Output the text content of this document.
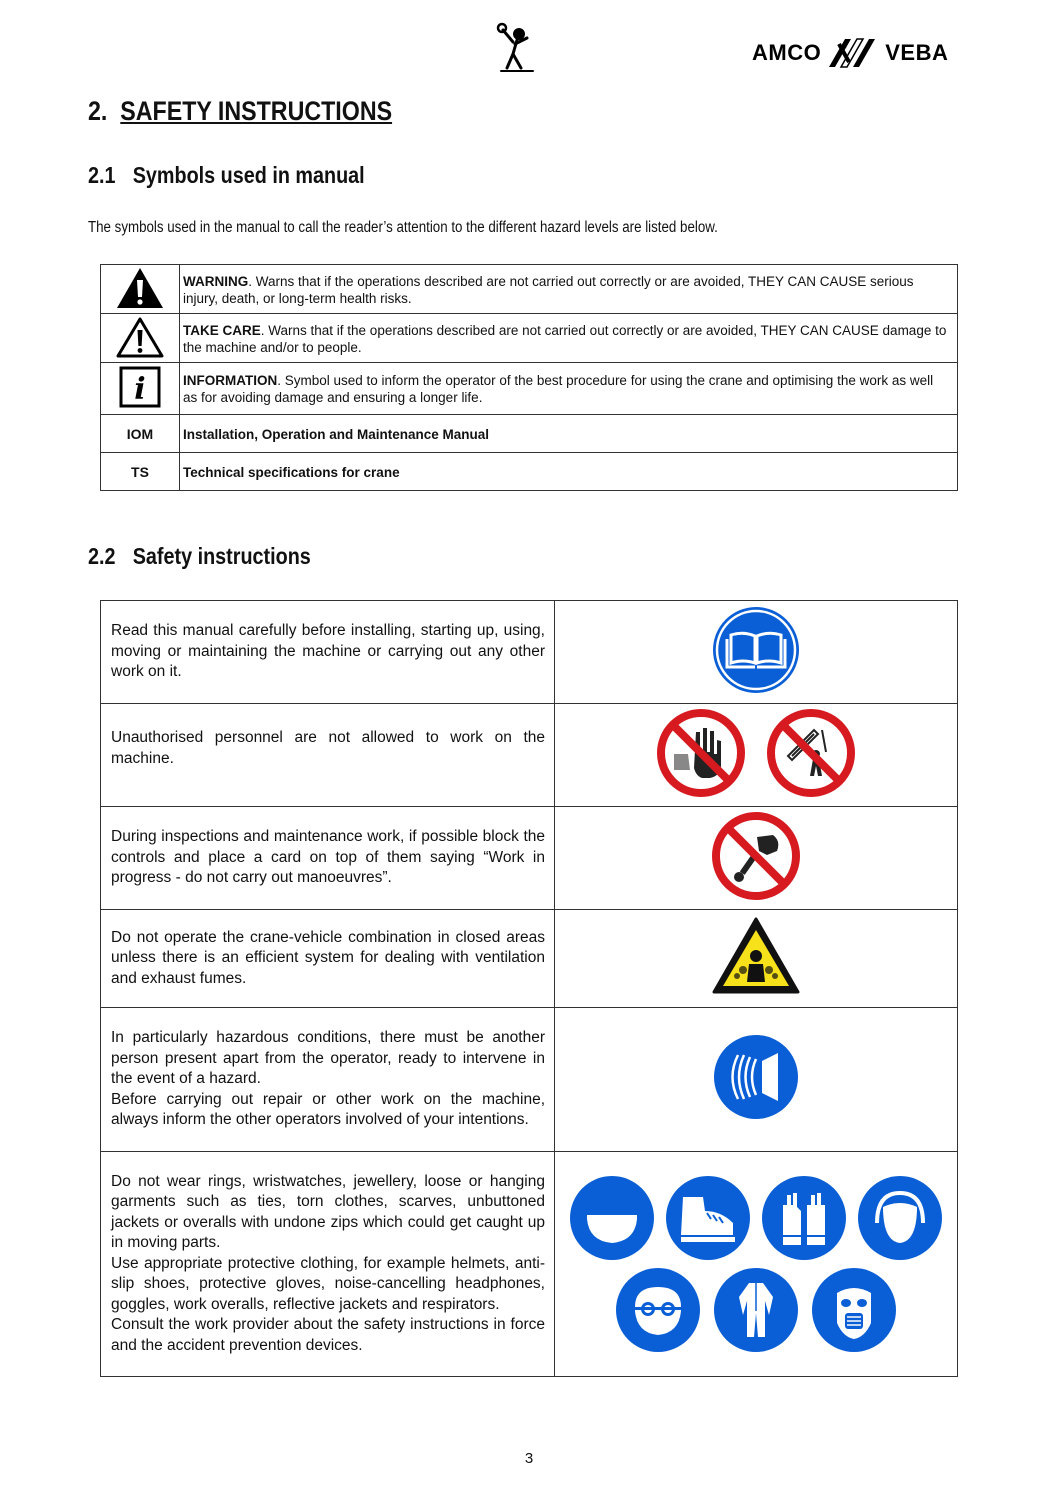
AMCO	VEBA
2. SAFETY INSTRUCTIONS
2.1 Symbols used in manual
The symbols used in the manual to call the reader’s attention to the different hazard levels are listed below.
	WARNING. Warns that if the operations described are not carried out correctly or are avoided, THEY CAN CAUSE serious injury, death, or long-term health risks.
	TAKE CARE. Warns that if the operations described are not carried out correctly or are avoided, THEY CAN CAUSE damage to the machine and/or to people.

i	INFORMATION. Symbol used to inform the operator of the best procedure for using the crane and optimising the work as well as for avoiding damage and ensuring a longer life.
IOM	Installation, Operation and Maintenance Manual
TS	Technical specifications for crane
2.2 Safety instructions

Read this manual carefully before installing, starting up, using, moving or maintaining the machine or carrying out any other work on it.

Unauthorised personnel are not allowed to work on the machine.

During inspections and maintenance work, if possible block the controls and place a card on top of them saying “Work in progress - do not carry out manoeuvres”.

Do not operate the crane-vehicle combination in closed areas unless there is an efficient system for dealing with ventilation and exhaust fumes.

In particularly hazardous conditions, there must be another person present apart from the operator, ready to intervene in the event of a hazard.

Before carrying out repair or other work on the machine, always inform the other operators involved of your intentions.

Do not wear rings, wristwatches, jewellery, loose or hanging garments such as ties, torn clothes, scarves, unbuttoned jackets or overalls with undone zips which could get caught up in moving parts.

Use appropriate protective clothing, for example helmets, anti-slip shoes, protective gloves, noise-cancelling headphones, goggles, work overalls, reflective jackets and respirators.

Consult the work provider about the safety instructions in force and the accident prevention devices.

3
